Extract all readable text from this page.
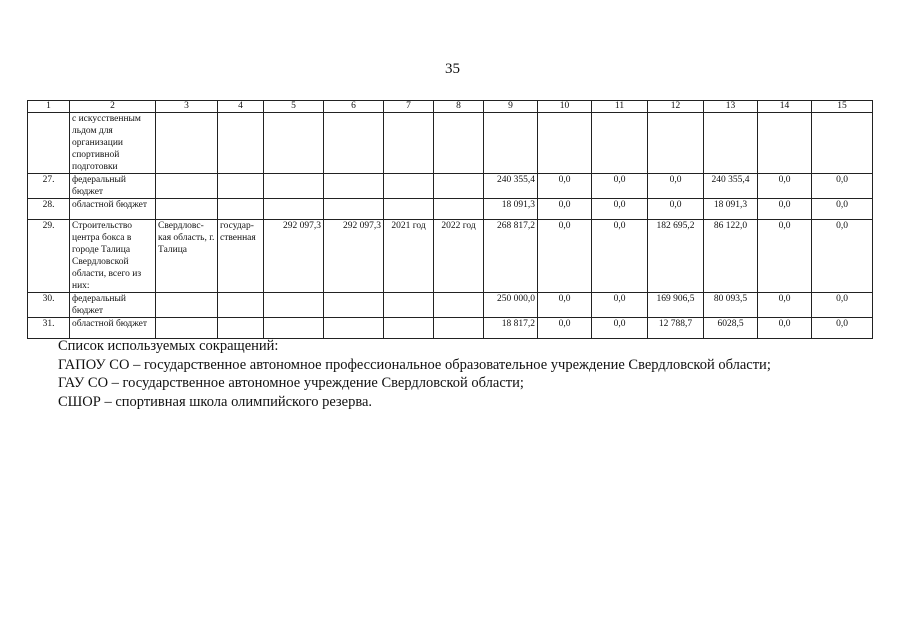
35
1	2	3	4	5	6	7	8	9	10	11	12	13	14	15
	с искусственным льдом для организации спортивной подготовки													
27.	федеральный бюджет							240 355,4	0,0	0,0	0,0	240 355,4	0,0	0,0
28.	областной бюджет							18 091,3	0,0	0,0	0,0	18 091,3	0,0	0,0
29.	Строительство центра бокса в городе Талица Свердловской области, всего из них:	Свердловс-кая область, г. Талица	государ-ственная	292 097,3	292 097,3	2021 год	2022 год	268 817,2	0,0	0,0	182 695,2	86 122,0	0,0	0,0
30.	федеральный бюджет							250 000,0	0,0	0,0	169 906,5	80 093,5	0,0	0,0
31.	областной бюджет							18 817,2	0,0	0,0	12 788,7	6028,5	0,0	0,0
Список используемых сокращений:
ГАПОУ СО – государственное автономное профессиональное образовательное учреждение Свердловской области;
ГАУ СО – государственное автономное учреждение Свердловской области;
СШОР – спортивная школа олимпийского резерва.
